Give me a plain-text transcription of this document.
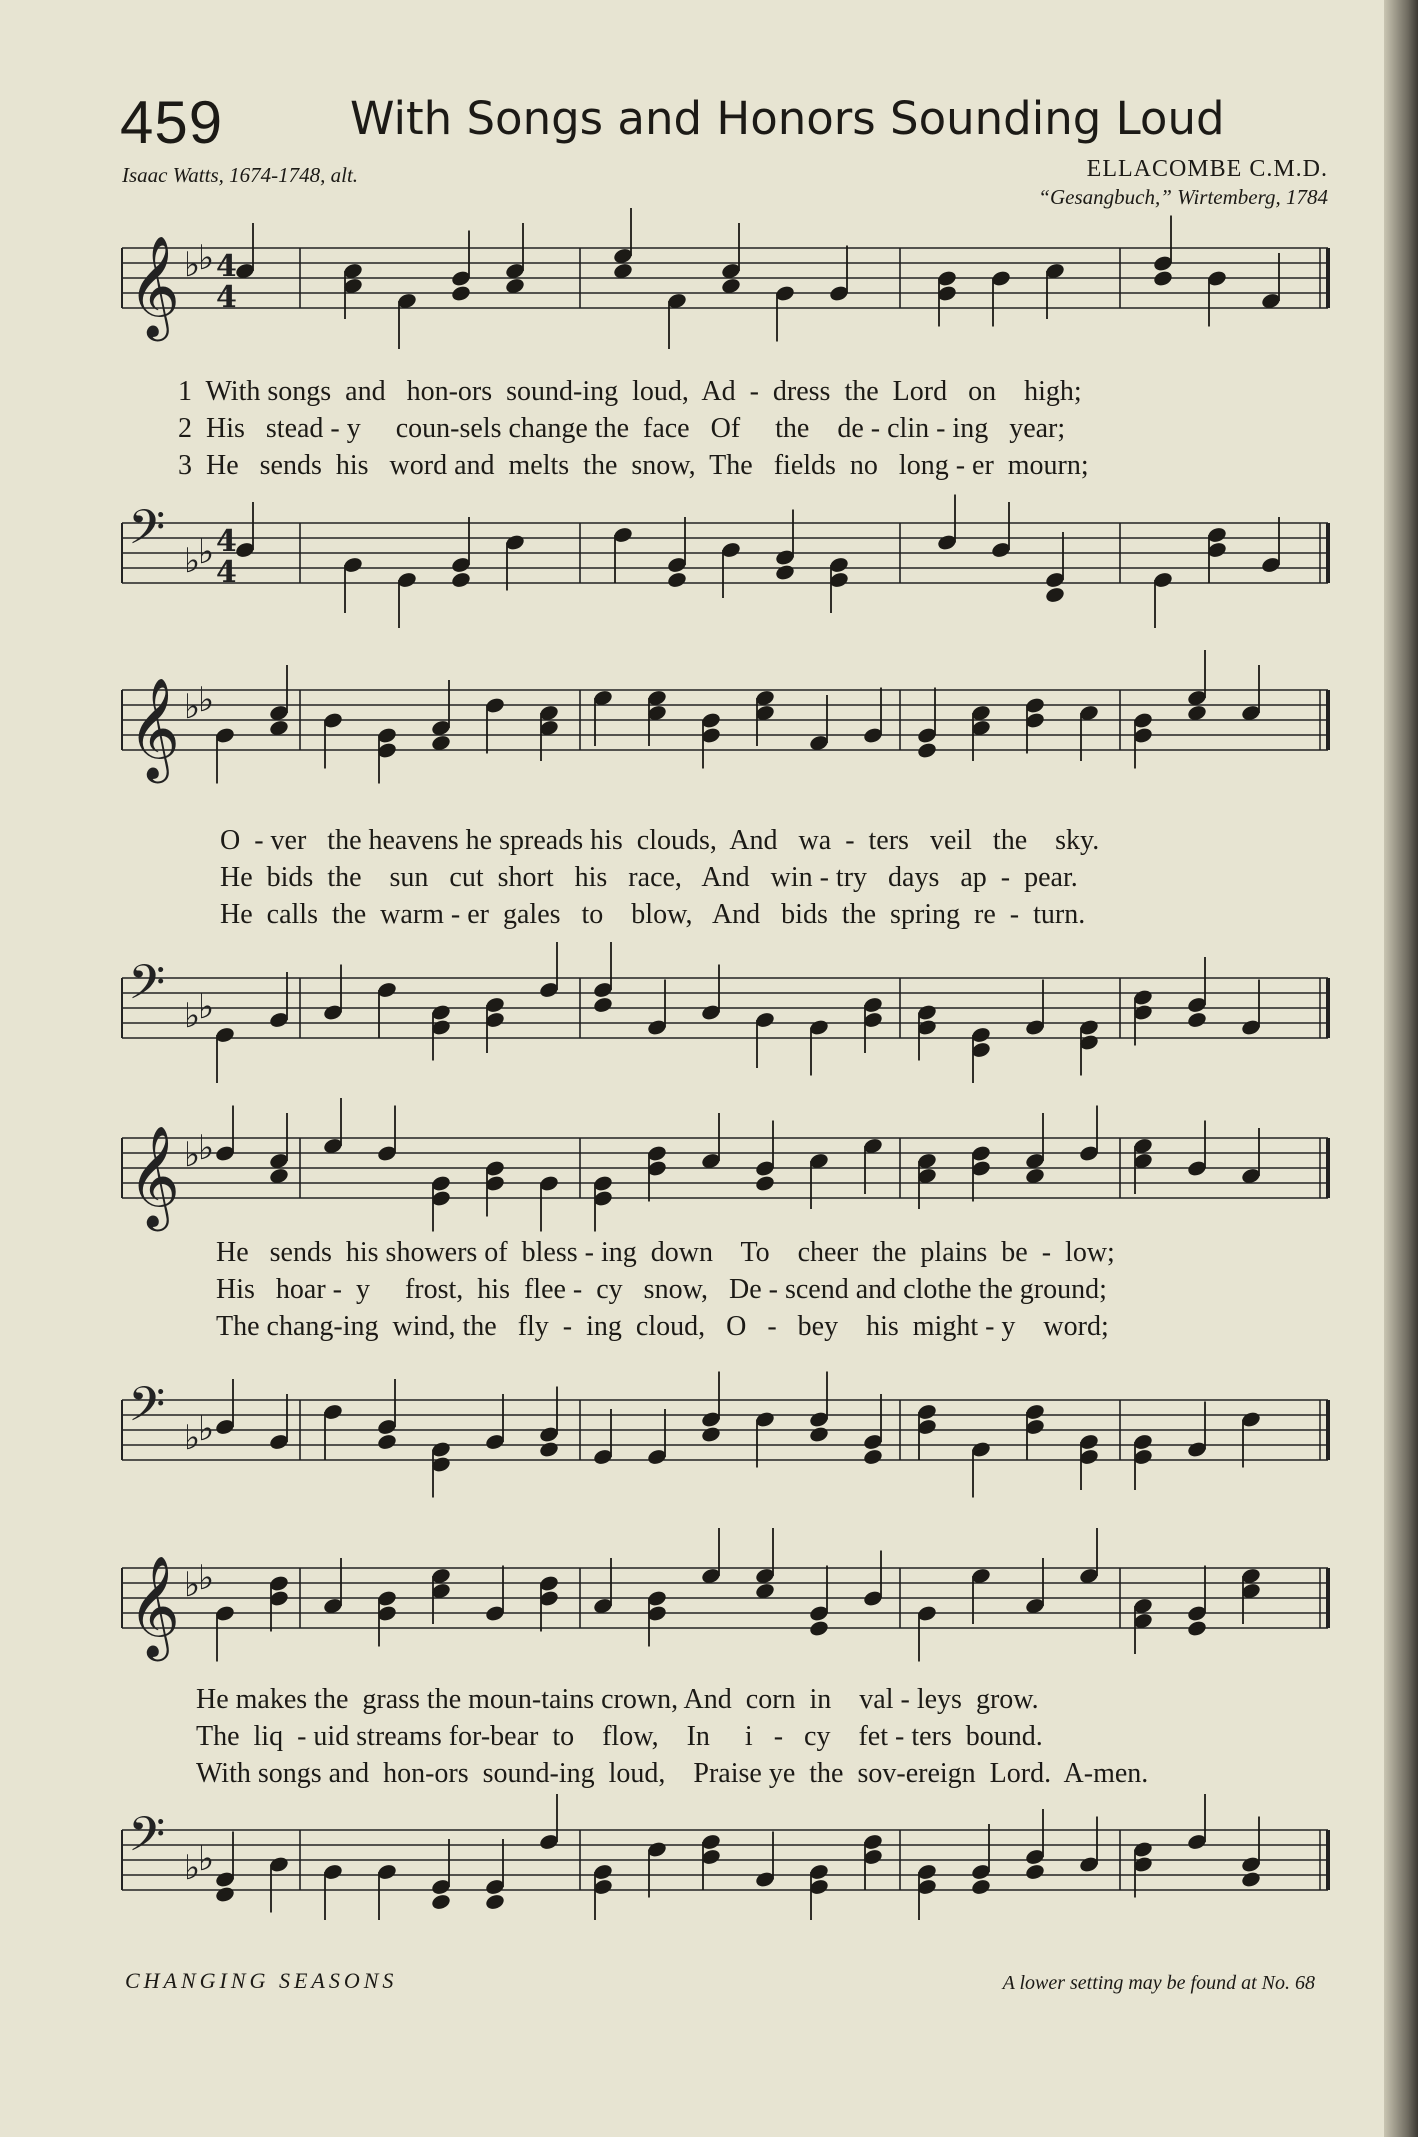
459	With Songs and Honors Sounding Loud
Isaac Watts, 1674-1748, alt.	ELLACOMBE C.M.D.
“Gesangbuch,” Wirtemberg, 1784
𝄞 ♭
♭ 4
4
1  With songs  and   hon-ors  sound-ing  loud,  Ad  -  dress  the  Lord   on    high;
2  His   stead - y     coun-sels change the  face   Of     the    de - clin - ing   year;
3  He   sends  his   word and  melts  the  snow,  The   fields  no   long - er  mourn;
𝄢 ♭
♭ 4
4
𝄞 ♭
♭
O  - ver   the heavens he spreads his  clouds,  And   wa  -  ters   veil   the    sky.
He  bids  the    sun   cut  short   his   race,   And   win - try   days   ap  -  pear.
He  calls  the  warm - er  gales   to    blow,   And   bids  the  spring  re  -  turn.
𝄢 ♭
♭
𝄞 ♭
♭
He   sends  his showers of  bless - ing  down    To    cheer  the  plains  be  -  low;
His   hoar -  y     frost,  his  flee -  cy   snow,   De - scend and clothe the ground;
The chang-ing  wind, the   fly  -  ing  cloud,   O   -   bey    his  might - y    word;
𝄢 ♭
♭
𝄞 ♭
♭
He makes the  grass the moun-tains crown, And  corn  in    val - leys  grow.
The  liq  - uid streams for-bear  to    flow,    In     i   -   cy    fet - ters  bound.
With songs and  hon-ors  sound-ing  loud,    Praise ye  the  sov-ereign  Lord.  A-men.
𝄢 ♭
♭
CHANGING SEASONS	A lower setting may be found at No. 68
